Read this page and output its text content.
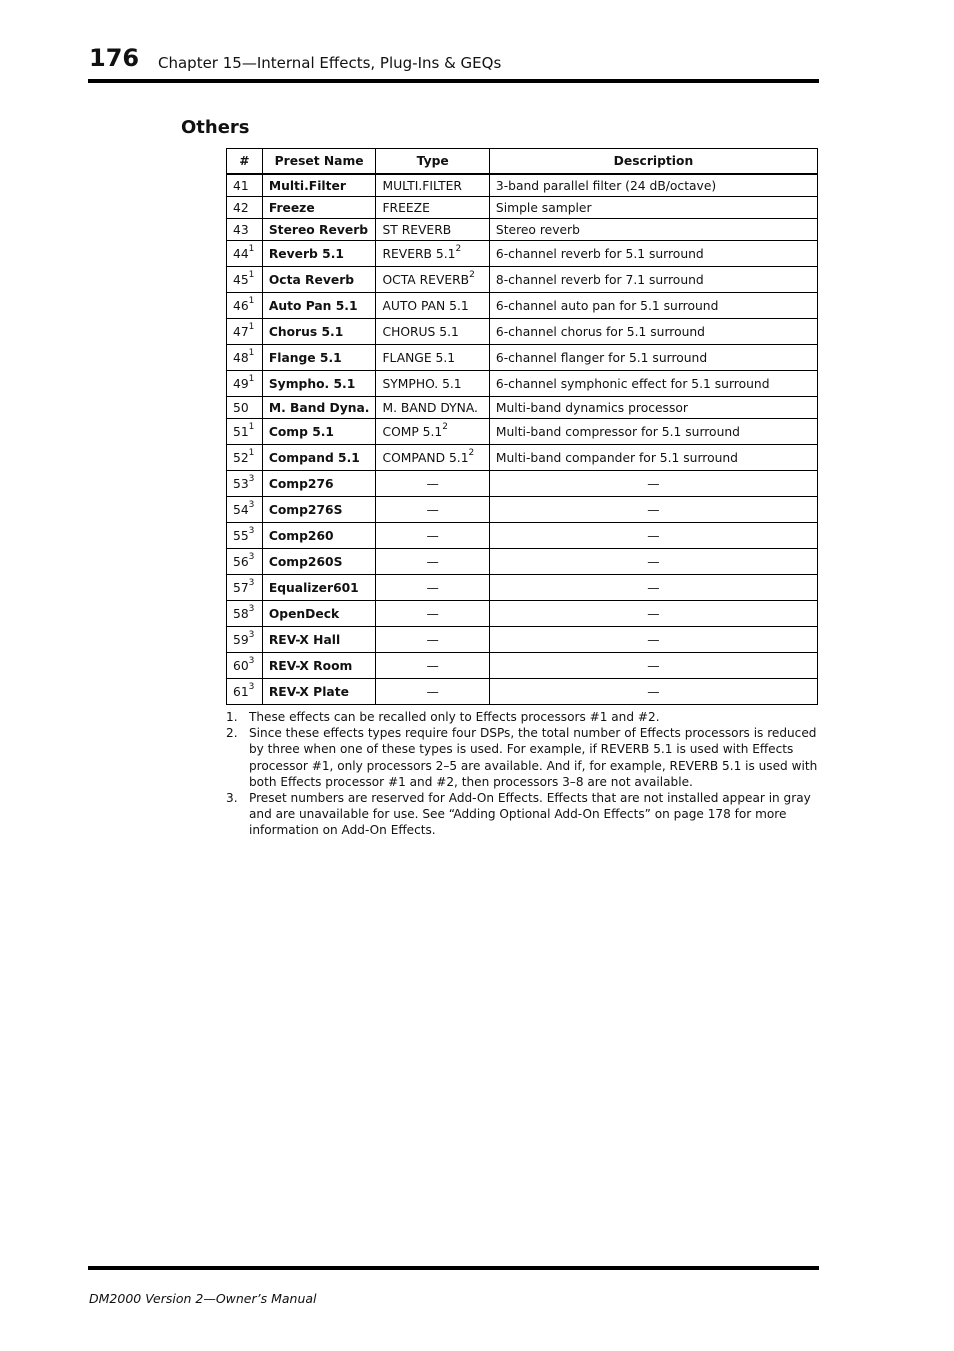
176 Chapter 15—Internal Effects, Plug-Ins & GEQs
Others
#	Preset Name	Type	Description
41	Multi.Filter	MULTI.FILTER	3-band parallel filter (24 dB/octave)
42	Freeze	FREEZE	Simple sampler
43	Stereo Reverb	ST REVERB	Stereo reverb
$44^1$	Reverb 5.1	REVERB $5.1^2$	6-channel reverb for 5.1 surround
$45^1$	Octa Reverb	OCTA REVERB$^2$	8-channel reverb for 7.1 surround
$46^1$	Auto Pan 5.1	AUTO PAN 5.1	6-channel auto pan for 5.1 surround
$47^1$	Chorus 5.1	CHORUS 5.1	6-channel chorus for 5.1 surround
$48^1$	Flange 5.1	FLANGE 5.1	6-channel flanger for 5.1 surround
$49^1$	Sympho. 5.1	SYMPHO. 5.1	6-channel symphonic effect for 5.1 surround
50	M. Band Dyna.	M. BAND DYNA.	Multi-band dynamics processor
$51^1$	Comp 5.1	COMP $5.1^2$	Multi-band compressor for 5.1 surround
$52^1$	Compand 5.1	COMPAND $5.1^2$	Multi-band compander for 5.1 surround
$53^3$	Comp276	—	—
$54^3$	Comp276S	—	—
$55^3$	Comp260	—	—
$56^3$	Comp260S	—	—
$57^3$	Equalizer601	—	—
$58^3$	OpenDeck	—	—
$59^3$	REV-X Hall	—	—
$60^3$	REV-X Room	—	—
$61^3$	REV-X Plate	—	—
1. These effects can be recalled only to Effects processors #1 and #2.
2. Since these effects types require four DSPs, the total number of Effects processors is reduced by three when one of these types is used. For example, if REVERB 5.1 is used with Effects processor #1, only processors 2–5 are available. And if, for example, REVERB 5.1 is used with both Effects processor #1 and #2, then processors 3–8 are not available.
3. Preset numbers are reserved for Add-On Effects. Effects that are not installed appear in gray and are unavailable for use. See “Adding Optional Add-On Effects” on page 178 for more information on Add-On Effects.
DM2000 Version 2—Owner’s Manual
